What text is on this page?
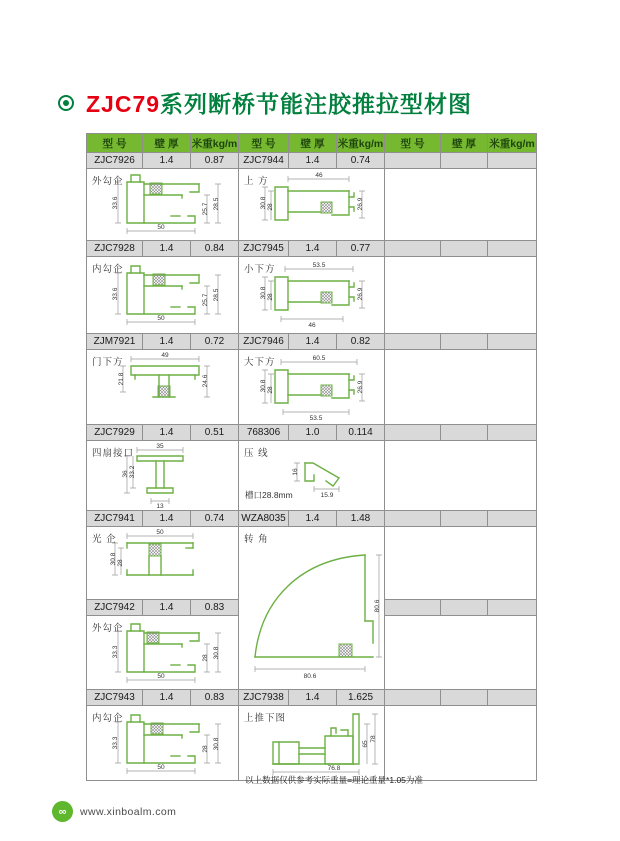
ZJC79系列断桥节能注胶推拉型材图
型 号	壁 厚	米重kg/m	型 号	壁 厚	米重kg/m	型 号	壁 厚	米重kg/m
ZJC7926	1.4	0.87	ZJC7944	1.4	0.74			

外勾企
33.6 25.7 28.5
50			上 方
46
30.8 28 26.9					

ZJC7928	1.4	0.84	ZJC7945	1.4	0.77			

内勾企
33.6	25.7 28.5
50

小下方	53.5
30.8 28	26.9
46

ZJM7921	1.4	0.72	ZJC7946	1.4	0.82			

门下方
49
21.8	24.6

大下方	60.5
30.8 28	26.9
53.5

ZJC7929	1.4	0.51	768306	1.0	0.114			

四扇接口
35
36 33.2
13

压 线
槽口28.8mm
16
15.9

ZJC7941	1.4	0.74	WZA8035	1.4	1.48			

光 企
50
30.8 28			转 角
80.6
80.6					

ZJC7942	1.4	0.83						

外勾企
33.3 28 30.8
50								

ZJC7943	1.4	0.83	ZJC7938	1.4	1.625			

内勾企
33.3 28 30.8
50			上推下图
65
78
76.8					

以上数据仅供参考实际重量=理论重量*1.05为准
∞	www.xinboalm.com
